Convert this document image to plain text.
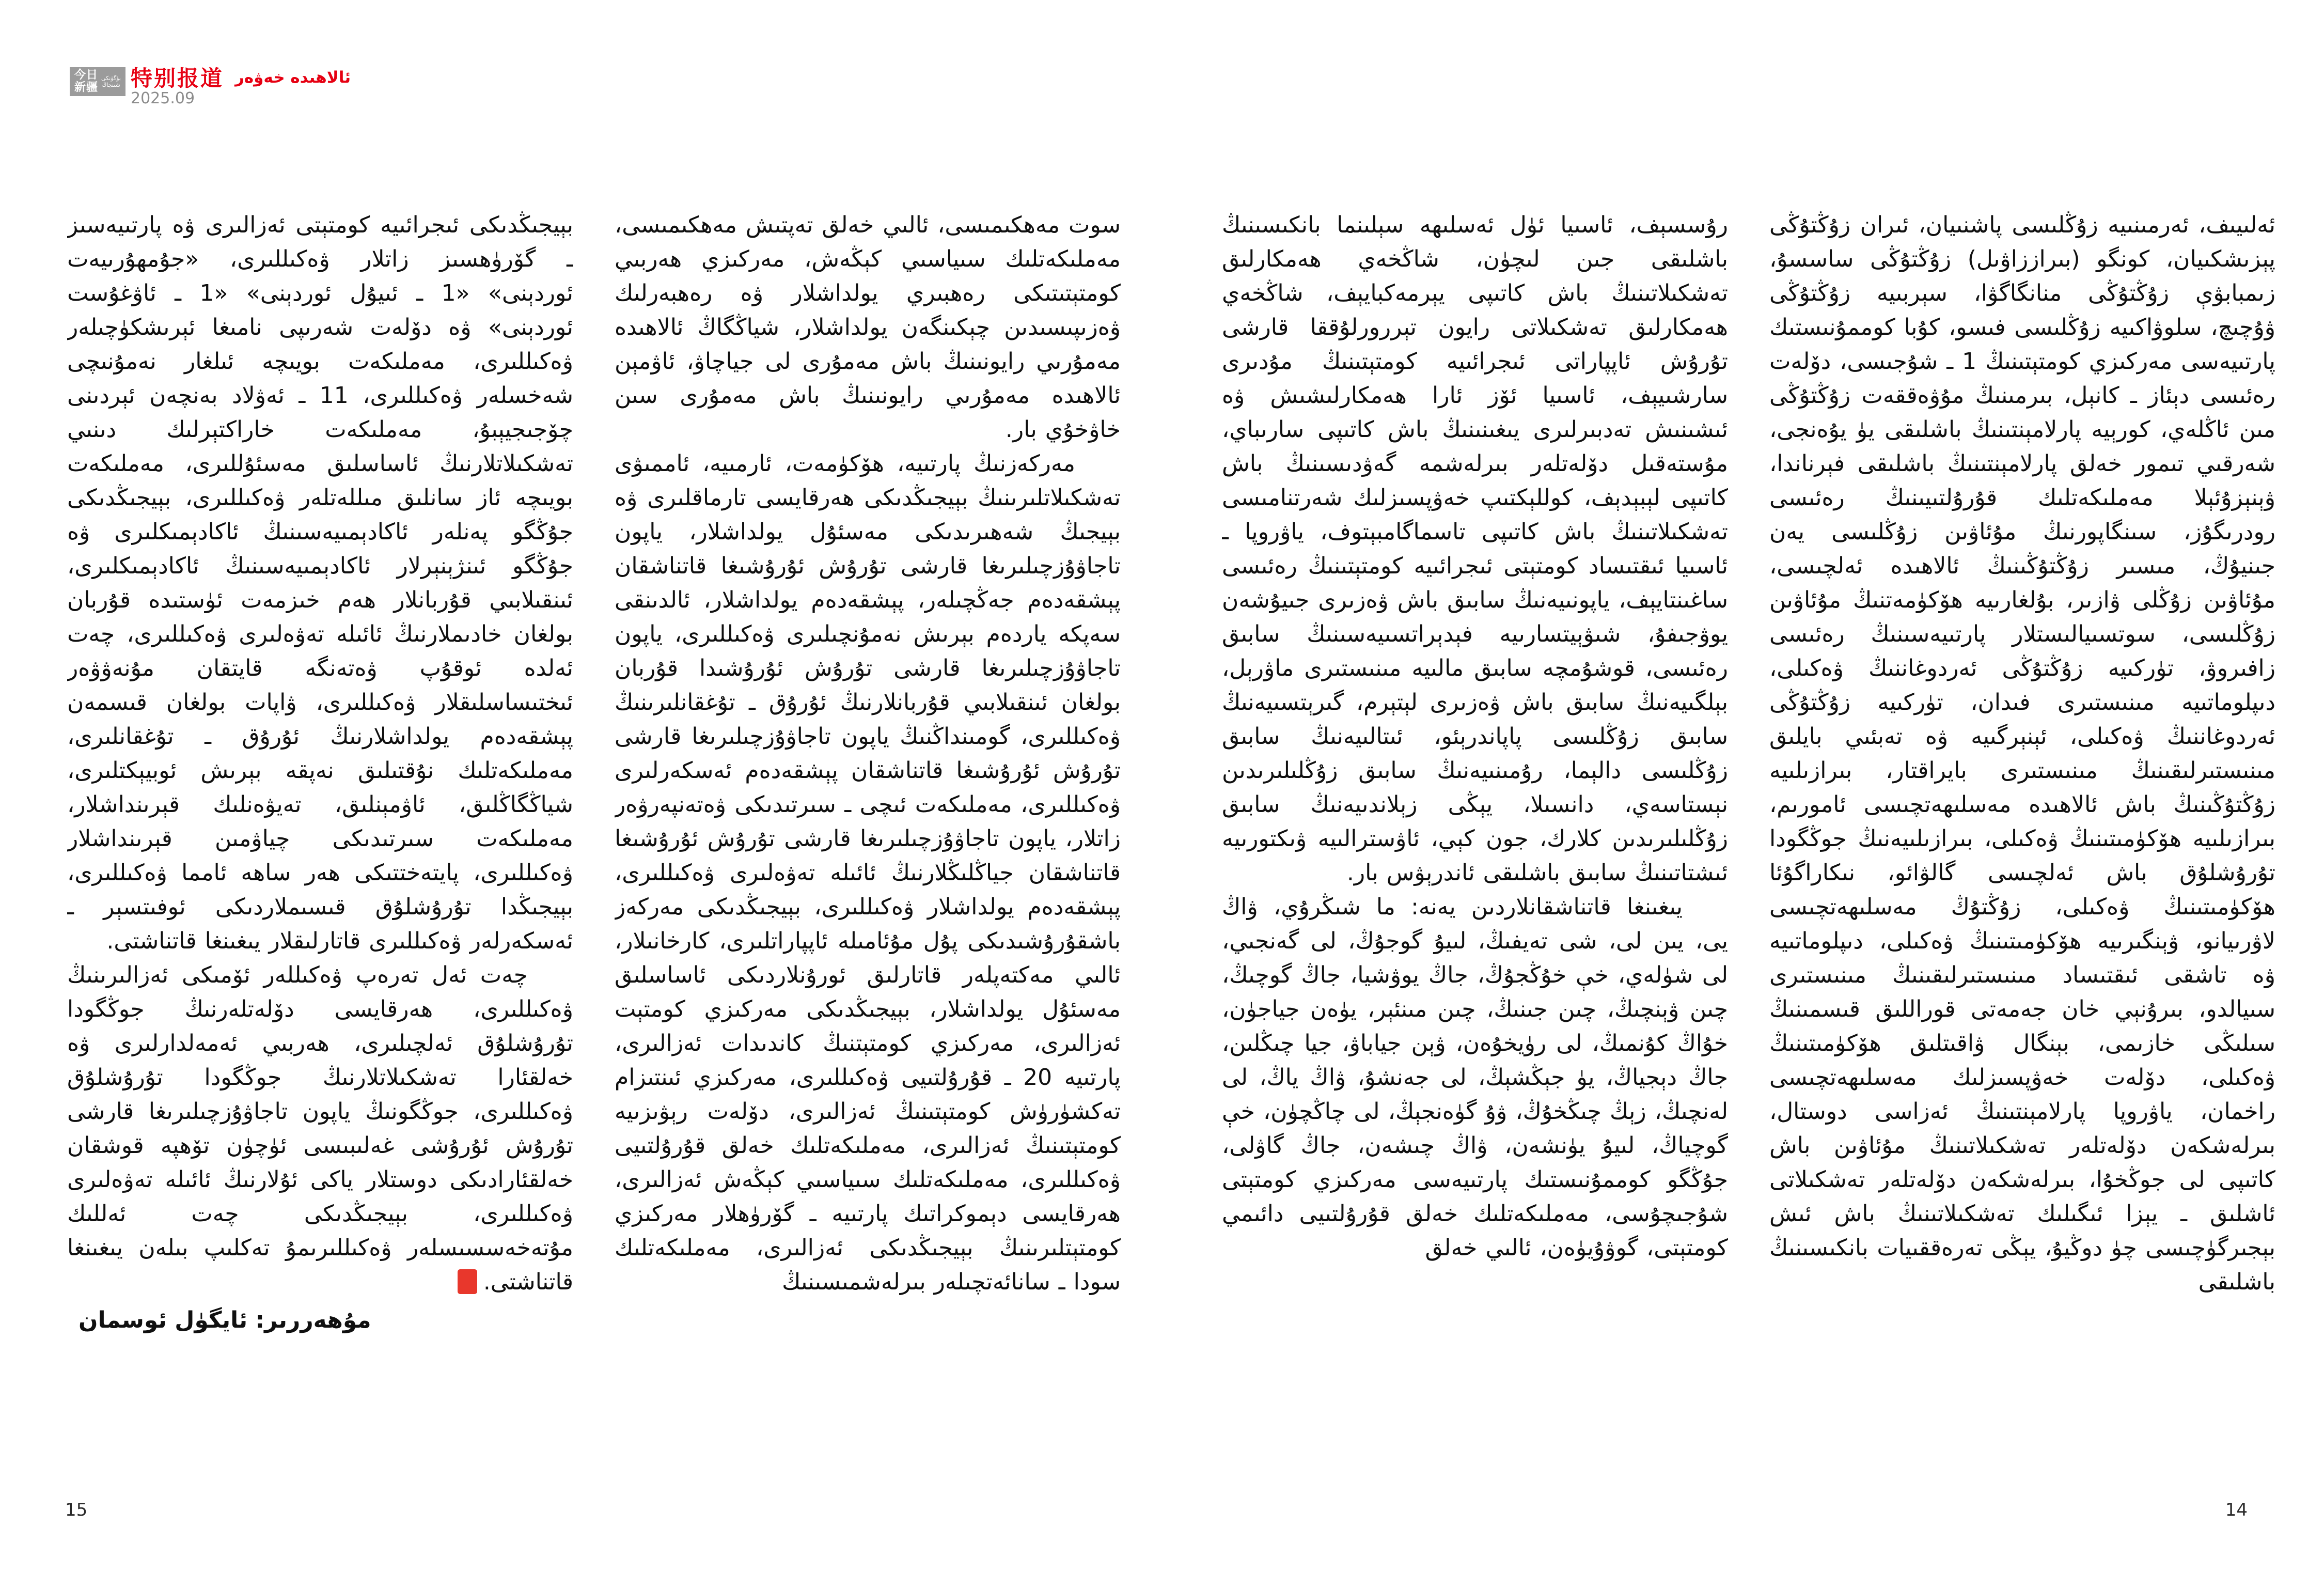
今日
新疆
بۈگۈنكى
شىنجاڭ 特别报道 ئالاھىدە خەۋەر
2025.09

بېيجىڭدىكى ئىجرائىيە كومتېتى ئەزالىرى ۋە پارتىيەسىز ـ گۆرۈھسىز زاتلار ۋەكىللىرى، «جۇمھۇرىيەت ئوردېنى» «1 ـ ئىيۇل ئوردېنى» «1 ـ ئاۋغۇست ئوردېنى» ۋە دۆلەت شەرىپى نامىغا ئېرىشكۈچىلەر ۋەكىللىرى، مەملىكەت بويىچە ئىلغار نەمۇنىچى شەخسلەر ۋەكىللىرى، 11 ـ ئەۋلاد بەنچەن ئېردىنى چۆجىجيېبۇ، مەملىكەت خاراكتېرلىك دىنىي تەشكىلاتلارنىڭ ئاساسلىق مەسئۇللىرى، مەملىكەت بويىچە ئاز سانلىق مىللەتلەر ۋەكىللىرى، بېيجىڭدىكى جۇڭگو پەنلەر ئاكادېمىيەسىنىڭ ئاكادېمىكلىرى ۋە جۇڭگو ئىنژېنېرلار ئاكادېمىيەسىنىڭ ئاكادېمىكلىرى، ئىنقىلابىي قۇربانلار ھەم خىزمەت ئۈستىدە قۇربان بولغان خادىملارنىڭ ئائىلە تەۋەلىرى ۋەكىللىرى، چەت ئەلدە ئوقۇپ ۋەتەنگە قايتقان مۇنەۋۋەر ئىختىساسلىقلار ۋەكىللىرى، ۋاپات بولغان قىسمەن پېشقەدەم يولداشلارنىڭ ئۇرۇق ـ تۇغقانلىرى، مەملىكەتلىك نۇقتىلىق نەپقە بېرىش ئوبيېكتلىرى، شياڭگاڭلىق، ئاۋمېنلىق، تەيۋەنلىك قېرىنداشلار، مەملىكەت سىرتىدىكى چياۋمىن قېرىنداشلار ۋەكىللىرى، پايتەختتىكى ھەر ساھە ئامما ۋەكىللىرى، بېيجىڭدا تۇرۇشلۇق قىسىملاردىكى ئوفىتسېر ـ ئەسكەرلەر ۋەكىللىرى قاتارلىقلار يىغىنغا قاتناشتى.

چەت ئەل تەرەپ ۋەكىللەر ئۆمىكى ئەزالىرىنىڭ ۋەكىللىرى، ھەرقايسى دۆلەتلەرنىڭ جوڭگودا تۇرۇشلۇق ئەلچىلىرى، ھەربىي ئەمەلدارلىرى ۋە خەلقئارا تەشكىلاتلارنىڭ جوڭگودا تۇرۇشلۇق ۋەكىللىرى، جوڭگونىڭ ياپون تاجاۋۇزچىلىرىغا قارشى تۇرۇش ئۇرۇشى غەلىبىسى ئۈچۈن تۆھپە قوشقان خەلقئارادىكى دوستلار ياكى ئۇلارنىڭ ئائىلە تەۋەلىرى ۋەكىللىرى، بېيجىڭدىكى چەت ئەللىك مۇتەخەسسىسلەر ۋەكىللىرىمۇ تەكلىپ بىلەن يىغىنغا قاتناشتى.ل

مۇھەررىر: ئايگۈل ئوسمان

سوت مەھكىمىسى، ئالىي خەلق تەپتىش مەھكىمىسى، مەملىكەتلىك سىياسىي كېڭەش، مەركىزي ھەربىي كومتېتىتىكى رەھبىري يولداشلار ۋە رەھبەرلىك ۋەزىپىسىدىن چېكىنگەن يولداشلار، شياڭگاڭ ئالاھىدە مەمۇرىي رايونىنىڭ باش مەمۇرى لى جياچاۋ، ئاۋمېن ئالاھىدە مەمۇرىي رايونىنىڭ باش مەمۇرى سىن خاۋخۇي بار.

مەركەزنىڭ پارتىيە، ھۆكۈمەت، ئارمىيە، ئاممىۋى تەشكىلاتلىرىنىڭ بېيجىڭدىكى ھەرقايسى تارماقلىرى ۋە بېيجىڭ شەھىرىدىكى مەسئۇل يولداشلار، ياپون تاجاۋۇزچىلىرىغا قارشى تۇرۇش ئۇرۇشىغا قاتناشقان پېشقەدەم جەڭچىلەر، پېشقەدەم يولداشلار، ئالدىنقى سەپكە ياردەم بېرىش نەمۇنچىلىرى ۋەكىللىرى، ياپون تاجاۋۇزچىلىرىغا قارشى تۇرۇش ئۇرۇشىدا قۇربان بولغان ئىنقىلابىي قۇربانلارنىڭ ئۇرۇق ـ تۇغقانلىرىنىڭ ۋەكىللىرى، گومىنداڭنىڭ ياپون تاجاۋۇزچىلىرىغا قارشى تۇرۇش ئۇرۇشىغا قاتناشقان پېشقەدەم ئەسكەرلىرى ۋەكىللىرى، مەملىكەت ئىچى ـ سىرتىدىكى ۋەتەنپەرۋەر زاتلار، ياپون تاجاۋۇزچىلىرىغا قارشى تۇرۇش ئۇرۇشىغا قاتناشقان جياڭلىڭلارنىڭ ئائىلە تەۋەلىرى ۋەكىللىرى، پېشقەدەم يولداشلار ۋەكىللىرى، بېيجىڭدىكى مەركەز باشقۇرۇشىدىكى پۇل مۇئامىلە ئاپپاراتلىرى، كارخانىلار، ئالىي مەكتەپلەر قاتارلىق ئورۇنلاردىكى ئاساسلىق مەسئۇل يولداشلار، بېيجىڭدىكى مەركىزي كومتېت ئەزالىرى، مەركىزي كومتېتنىڭ كاندىدات ئەزالىرى، پارتىيە 20 ـ قۇرۇلتىيى ۋەكىللىرى، مەركىزي ئىنتىزام تەكشۈرۈش كومتېتىنىڭ ئەزالىرى، دۆلەت رېۋىزىيە كومتېتىنىڭ ئەزالىرى، مەملىكەتلىك خەلق قۇرۇلتىيى ۋەكىللىرى، مەملىكەتلىك سىياسىي كېڭەش ئەزالىرى، ھەرقايسى دېموكراتىك پارتىيە ـ گۆرۈھلار مەركىزي كومتېتلىرىنىڭ بېيجىڭدىكى ئەزالىرى، مەملىكەتلىك سودا ـ سانائەتچىلەر بىرلەشمىسىنىڭ

رۇسسېف، ئاسىيا ئۈل ئەسلىھە سېلىنما بانكىسىنىڭ باشلىقى جىن لىچۈن، شاڭخەي ھەمكارلىق تەشكىلاتىنىڭ باش كاتىپى يېرمەكبايېف، شاڭخەي ھەمكارلىق تەشكىلاتى رايون تېررورلۇققا قارشى تۇرۇش ئاپپاراتى ئىجرائىيە كومتېتىنىڭ مۇدىرى سارشىيېف، ئاسىيا ئۆز ئارا ھەمكارلىشىش ۋە ئىشىنىش تەدبىرلىرى يىغىنىنىڭ باش كاتىپى سارىباي، مۇستەقىل دۆلەتلەر بىرلەشمە گەۋدىسىنىڭ باش كاتىپى لېبېدېف، كوللېكتىپ خەۋپسىزلىك شەرتنامىسى تەشكىلاتىنىڭ باش كاتىپى تاسماگامبېتوف، ياۋروپا ـ ئاسىيا ئىقتىساد كومتېتى ئىجرائىيە كومتېتىنىڭ رەئىسى ساغىنتايېف، ياپونىيەنىڭ سابىق باش ۋەزىرى جىيۇشەن يوۋجىفۇ، شىۋېيتسارىيە فېدېراتسىيەسىنىڭ سابىق رەئىسى، قوشۇمچە سابىق مالىيە مىنىستىرى ماۋرېل، بېلگىيەنىڭ سابىق باش ۋەزىرى لېتېرم، گىرېتسىيەنىڭ سابىق زۇڭلىسى پاپاندرېئو، ئىتالىيەنىڭ سابىق زۇڭلىسى دالېما، رۇمىنىيەنىڭ سابىق زۇڭلىلىرىدىن نېستاسەي، دانسىلا، يېڭى زېلاندىيەنىڭ سابىق زۇڭلىلىرىدىن كلارك، جون كېي، ئاۋسترالىيە ۋىكتورىيە ئىشتاتىنىڭ سابىق باشلىقى ئاندرېۋس بار.

يىغىنغا قاتناشقانلاردىن يەنە: ما شىڭرۇي، ۋاڭ يى، يىن لى، شى تەيفىڭ، لىيۇ گوجۇڭ، لى گەنجىي، لى شۈلەي، خې خۇڭجۇڭ، جاڭ يوۋشيا، جاڭ گوچىڭ، چىن ۋېنچىڭ، چىن جىنىڭ، چىن مىنئېر، يۈەن جياجۈن، خۇاڭ كۇنمىڭ، لى رۈيخۇەن، ۋېن جياباۋ، جيا چىڭلىن، جاڭ دېجياڭ، يۈ جېڭشېڭ، لى جەنشۇ، ۋاڭ ياڭ، لى لەنچىڭ، زېڭ چىڭخۇڭ، ۋۇ گۈەنجېڭ، لى چاڭچۈن، خې گوچياڭ، لىيۇ يۈنشەن، ۋاڭ چىشەن، جاڭ گاۋلى، جۇڭگو كوممۇنىستىك پارتىيەسى مەركىزي كومتېتى شۇجىچۇسى، مەملىكەتلىك خەلق قۇرۇلتىيى دائىمي كومتېتى، گوۋۇيۈەن، ئالىي خەلق

ئەلىيىف، ئەرمىنىيە زۇڭلىسى پاشنىيان، ئىران زۇڭتۇڭى پېزىشكىيان، كونگو (بىراززاۋىل) زۇڭتۇڭى ساسسۇ، زىمبابۋې زۇڭتۇڭى منانگاگۋا، سېربىيە زۇڭتۇڭى ۋۇچىچ، سلوۋاكىيە زۇڭلىسى فىسو، كۇبا كوممۇنىستىك پارتىيەسى مەركىزي كومتېتىنىڭ 1 ـ شۇجىسى، دۆلەت رەئىسى دېئاز ـ كانېل، بىرمىنىڭ مۇۋەققەت زۇڭتۇڭى مىن ئاڭلەي، كورېيە پارلامېنتىنىڭ باشلىقى يۈ يۇەنجى، شەرقىي تىمور خەلق پارلامېنتىنىڭ باشلىقى فېرناندا، ۋېنېزۇئېلا مەملىكەتلىك قۇرۇلتىيىنىڭ رەئىسى رودرىگۇز، سىنگاپورنىڭ مۇئاۋىن زۇڭلىسى يەن جىنيۇڭ، مىسىر زۇڭتۇڭىنىڭ ئالاھىدە ئەلچىسى، مۇئاۋىن زۇڭلى ۋازىر، بۇلغارىيە ھۆكۈمەتنىڭ مۇئاۋىن زۇڭلىسى، سوتسىيالىستلار پارتىيەسىنىڭ رەئىسى زافىروۋ، تۈركىيە زۇڭتۇڭى ئەردوغاننىڭ ۋەكىلى، دىپلوماتىيە مىنىستىرى فىدان، تۈركىيە زۇڭتۇڭى ئەردوغاننىڭ ۋەكىلى، ئېنېرگىيە ۋە تەبئىي بايلىق مىنىستىرلىقىنىڭ مىنىستىرى بايراقتار، بىرازىلىيە زۇڭتۇڭىنىڭ باش ئالاھىدە مەسلىھەتچىسى ئامورىم، بىرازىلىيە ھۆكۈمىتىنىڭ ۋەكىلى، بىرازىلىيەنىڭ جوڭگودا تۇرۇشلۇق باش ئەلچىسى گالۋائو، نىكاراگۇئا ھۆكۈمىتىنىڭ ۋەكىلى، زۇڭتۇڭ مەسلىھەتچىسى لاۋرىيانو، ۋېنگىرىيە ھۆكۈمىتىنىڭ ۋەكىلى، دىپلوماتىيە ۋە تاشقى ئىقتىساد مىنىستىرلىقىنىڭ مىنىستىرى سىيالدو، بىرۇنېي خان جەمەتى قوراللىق قىسمىنىڭ سىلىڭى خازىمى، بېنگال ۋاقىتلىق ھۆكۈمىتىنىڭ ۋەكىلى، دۆلەت خەۋپسىزلىك مەسلىھەتچىسى راخمان، ياۋروپا پارلامېنتىنىڭ ئەزاسى دوستال، بىرلەشكەن دۆلەتلەر تەشكىلاتىنىڭ مۇئاۋىن باش كاتىپى لى جوڭخۇا، بىرلەشكەن دۆلەتلەر تەشكىلاتى ئاشلىق ـ يېزا ئىگىلىك تەشكىلاتىنىڭ باش ئىش بېجىرگۈچىسى چۈ دوڭيۇ، يېڭى تەرەققىيات بانكىسىنىڭ باشلىقى

15	14
